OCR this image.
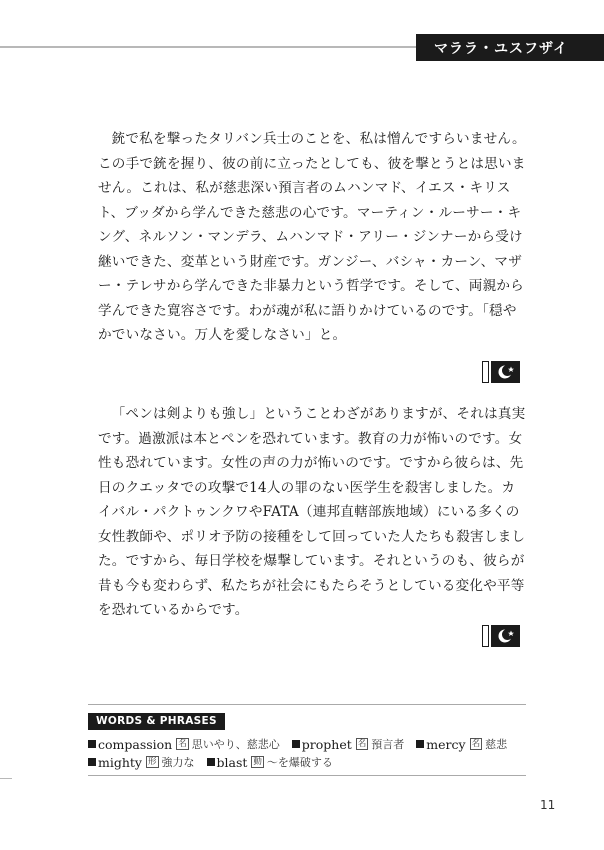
マララ・ユスフザイ

銃で私を撃ったタリバン兵士のことを、私は憎んですらいません。この手で銃を握り、彼の前に立ったとしても、彼を撃とうとは思いません。これは、私が慈悲深い預言者のムハンマド、イエス・キリスト、ブッダから学んできた慈悲の心です。マーティン・ルーサー・キング、ネルソン・マンデラ、ムハンマド・アリー・ジンナーから受け継いできた、変革という財産です。ガンジー、バシャ・カーン、マザー・テレサから学んできた非暴力という哲学です。そして、両親から学んできた寛容さです。わが魂が私に語りかけているのです。「穏やかでいなさい。万人を愛しなさい」と。

「ペンは剣よりも強し」ということわざがありますが、それは真実です。過激派は本とペンを恐れています。教育の力が怖いのです。女性も恐れています。女性の声の力が怖いのです。ですから彼らは、先日のクエッタでの攻撃で14人の罪のない医学生を殺害しました。カイバル・パクトゥンクワやFATA（連邦直轄部族地域）にいる多くの女性教師や、ポリオ予防の接種をして回っていた人たちも殺害しました。ですから、毎日学校を爆撃しています。それというのも、彼らが昔も今も変わらず、私たちが社会にもたらそうとしている変化や平等を恐れているからです。

WORDS & PHRASES
compassion 名 思いやり、慈悲心 prophet 名 預言者 mercy 名 慈悲
mighty 形 強力な blast 動 ～を爆破する
11
